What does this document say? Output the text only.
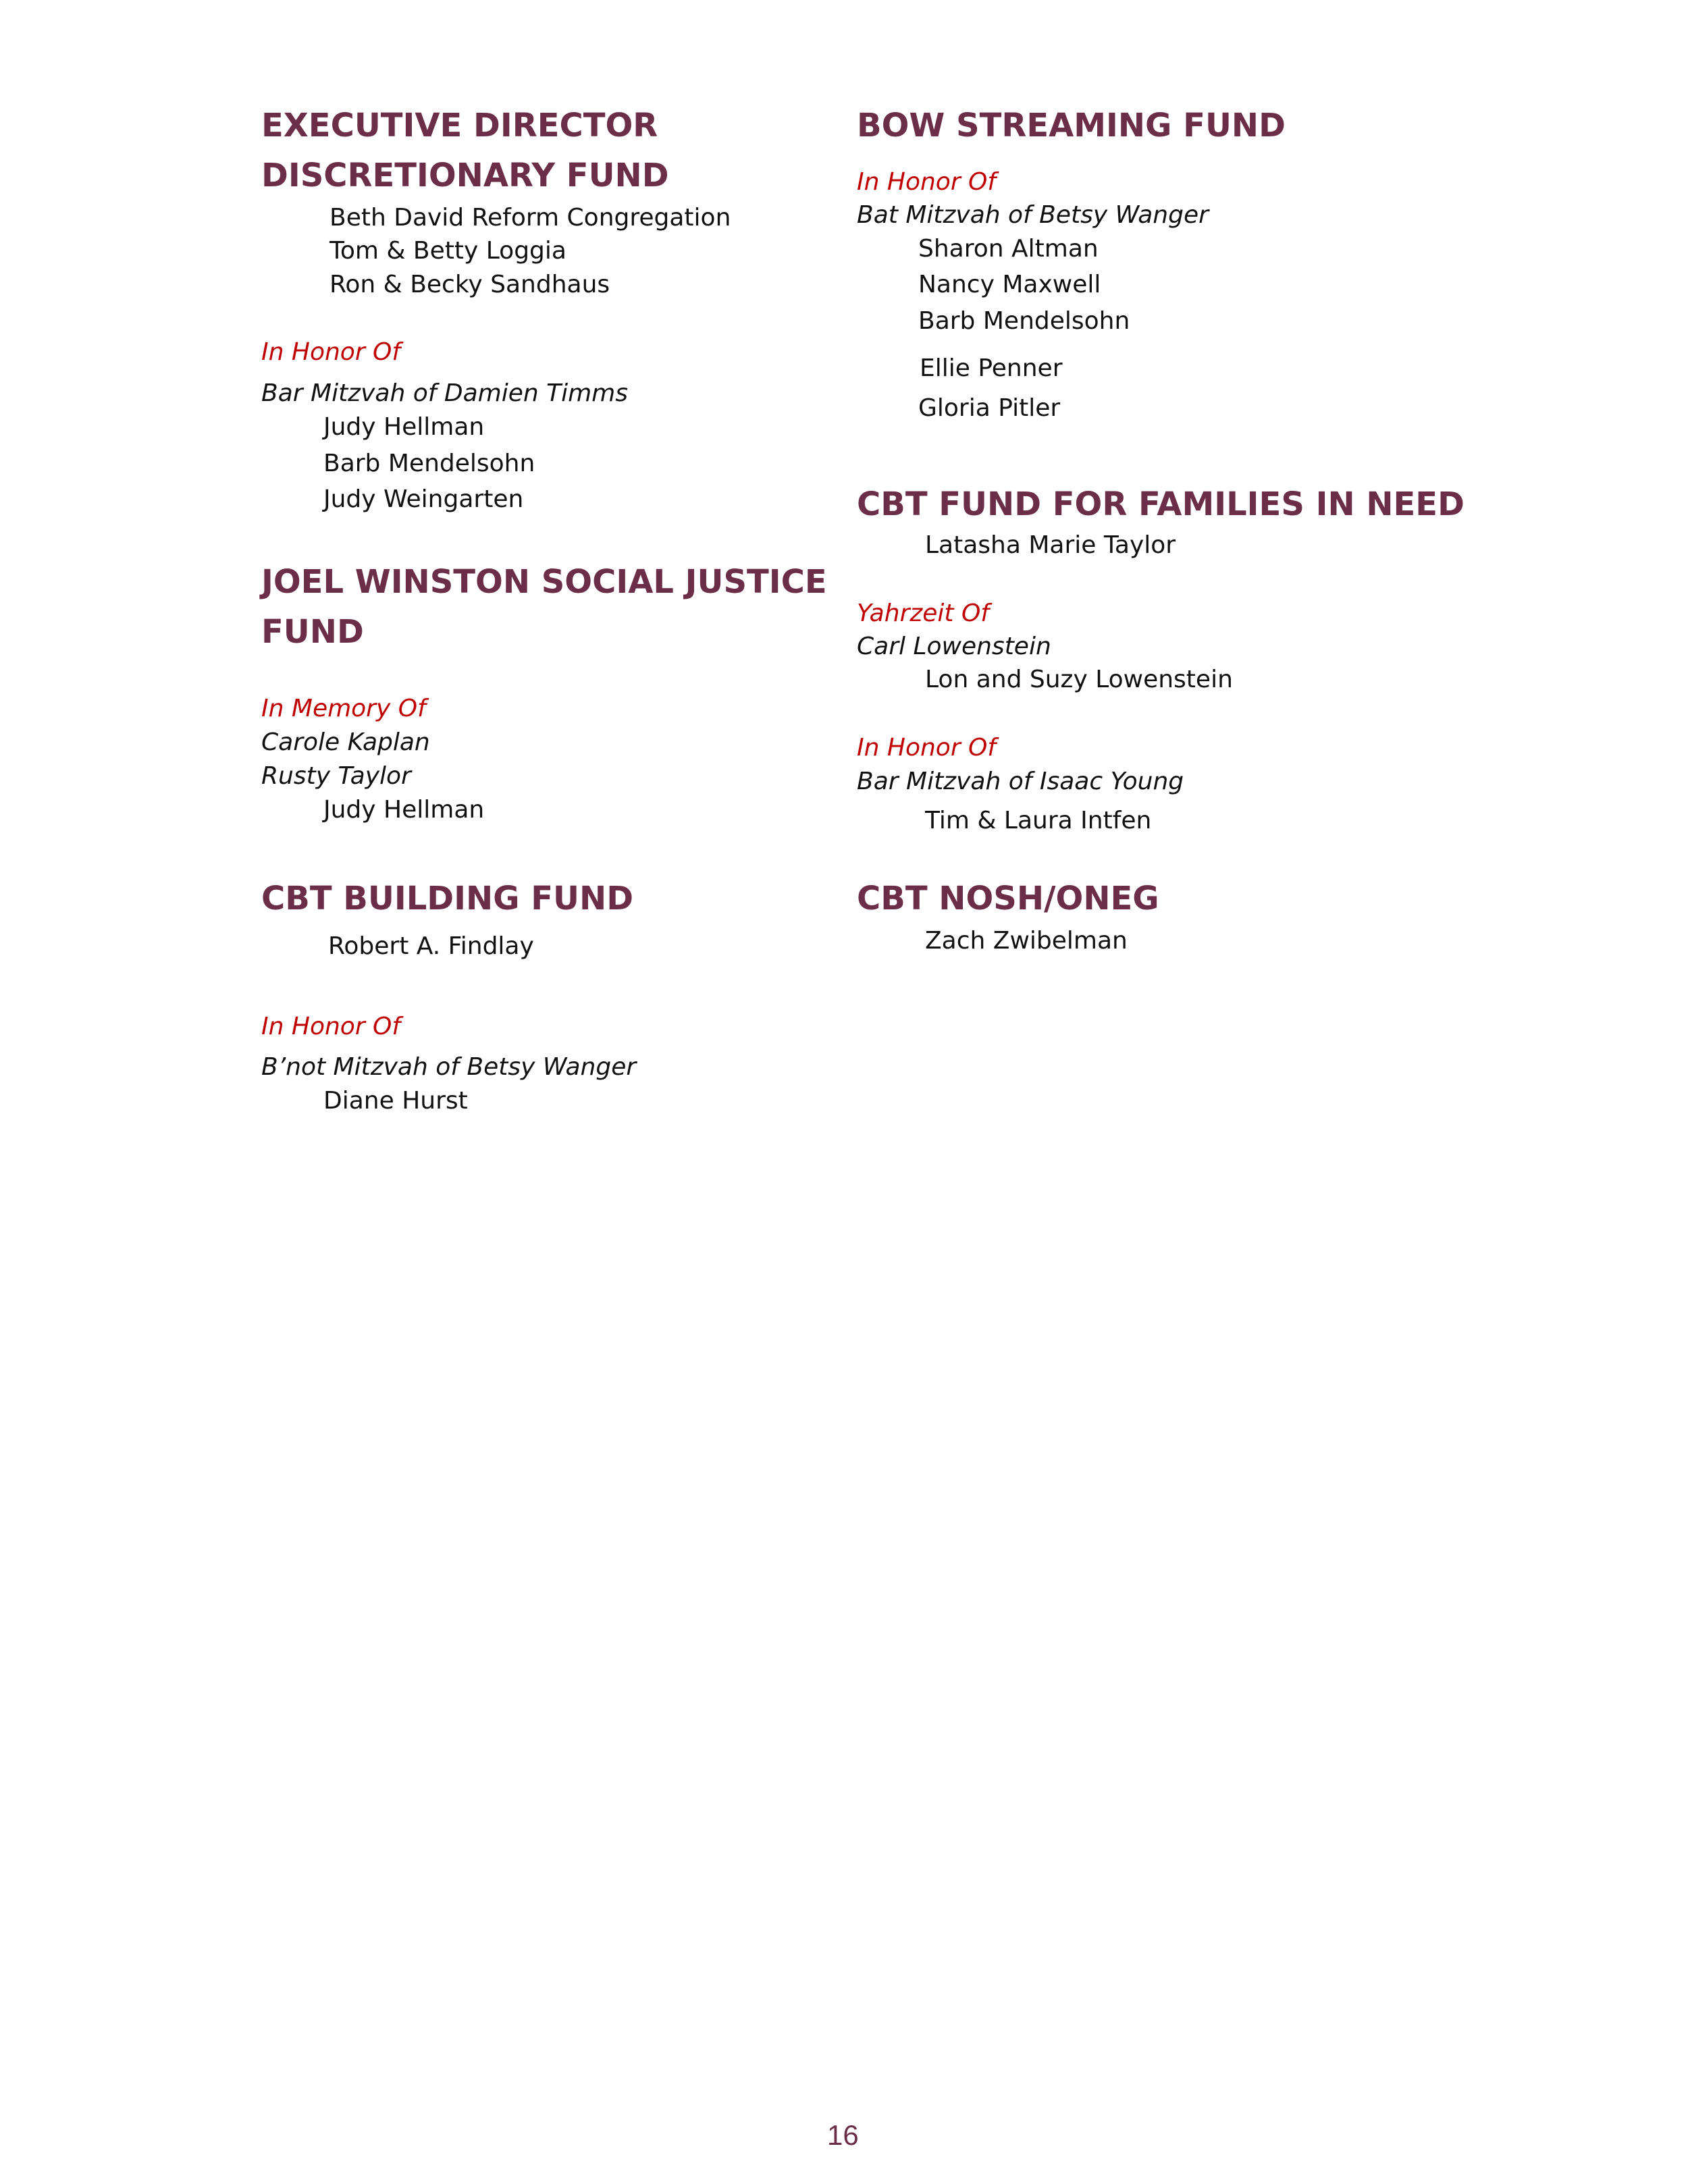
EXECUTIVE DIRECTOR
DISCRETIONARY FUND
Beth David Reform Congregation
Tom & Betty Loggia
Ron & Becky Sandhaus
In Honor Of
Bar Mitzvah of Damien Timms
Judy Hellman
Barb Mendelsohn
Judy Weingarten
JOEL WINSTON SOCIAL JUSTICE
FUND
In Memory Of
Carole Kaplan
Rusty Taylor
Judy Hellman
CBT BUILDING FUND
Robert A. Findlay
In Honor Of
B’not Mitzvah of Betsy Wanger
Diane Hurst
BOW STREAMING FUND
In Honor Of
Bat Mitzvah of Betsy Wanger
Sharon Altman
Nancy Maxwell
Barb Mendelsohn
Ellie Penner
Gloria Pitler
CBT FUND FOR FAMILIES IN NEED
Latasha Marie Taylor
Yahrzeit Of
Carl Lowenstein
Lon and Suzy Lowenstein
In Honor Of
Bar Mitzvah of Isaac Young
Tim & Laura Intfen
CBT NOSH/ONEG
Zach Zwibelman
16
